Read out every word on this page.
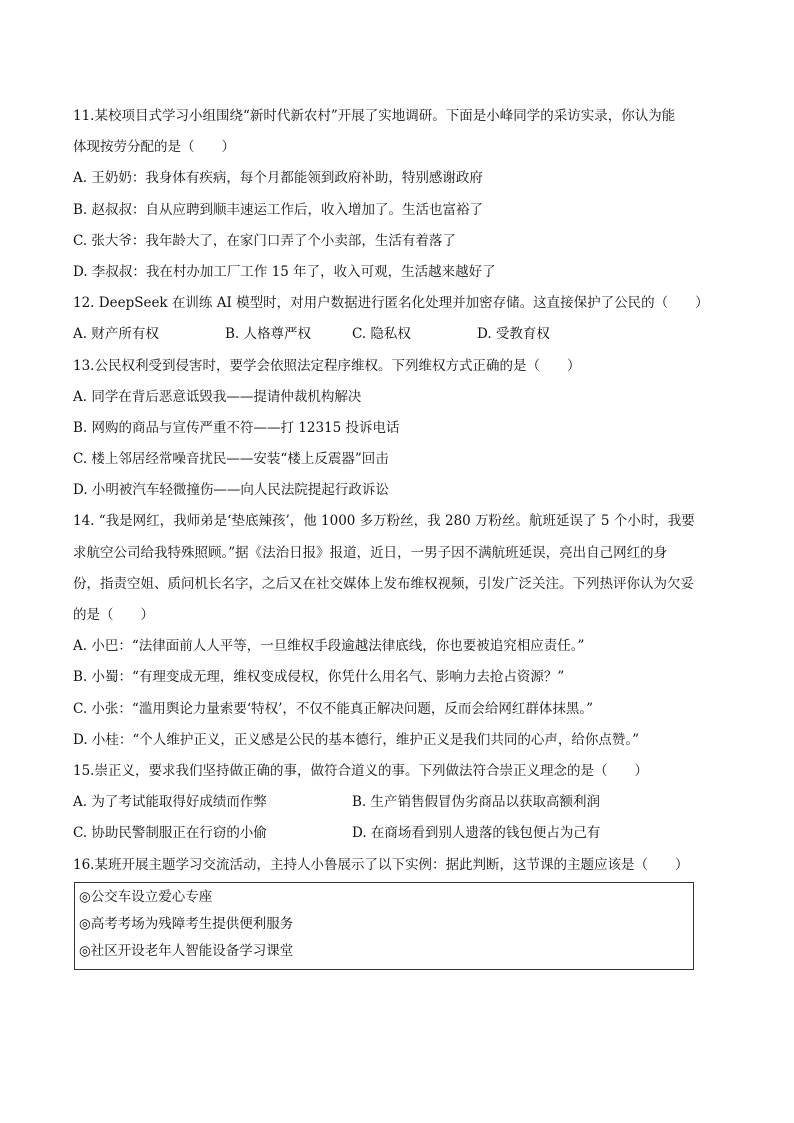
11.某校项目式学习小组围绕“新时代新农村”开展了实地调研。下面是小峰同学的采访实录，你认为能
体现按劳分配的是（　　）
A. 王奶奶：我身体有疾病，每个月都能领到政府补助，特别感谢政府
B. 赵叔叔：自从应聘到顺丰速运工作后，收入增加了。生活也富裕了
C. 张大爷：我年龄大了，在家门口弄了个小卖部，生活有着落了
D. 李叔叔：我在村办加工厂工作 15 年了，收入可观，生活越来越好了
12. DeepSeek 在训练 AI 模型时，对用户数据进行匿名化处理并加密存储。这直接保护了公民的（　　）
A. 财产所有权	B. 人格尊严权	C. 隐私权	D. 受教育权
13.公民权利受到侵害时，要学会依照法定程序维权。下列维权方式正确的是（　　）
A. 同学在背后恶意诋毁我——提请仲裁机构解决
B. 网购的商品与宣传严重不符——打 12315 投诉电话
C. 楼上邻居经常噪音扰民——安装“楼上反震器”回击
D. 小明被汽车轻微撞伤——向人民法院提起行政诉讼
14. “我是网红，我师弟是‘垫底辣孩’，他 1000 多万粉丝，我 280 万粉丝。航班延误了 5 个小时，我要
求航空公司给我特殊照顾。”据《法治日报》报道，近日，一男子因不满航班延误，亮出自己网红的身
份，指责空姐、质问机长名字，之后又在社交媒体上发布维权视频，引发广泛关注。下列热评你认为欠妥
的是（　　）
A. 小巴：“法律面前人人平等，一旦维权手段逾越法律底线，你也要被追究相应责任。”
B. 小蜀：“有理变成无理，维权变成侵权，你凭什么用名气、影响力去抢占资源？”
C. 小张：“滥用舆论力量索要‘特权’，不仅不能真正解决问题，反而会给网红群体抹黑。”
D. 小桂：“个人维护正义，正义感是公民的基本德行，维护正义是我们共同的心声，给你点赞。”
15.崇正义，要求我们坚持做正确的事，做符合道义的事。下列做法符合崇正义理念的是（　　）
A. 为了考试能取得好成绩而作弊	B. 生产销售假冒伪劣商品以获取高额利润
C. 协助民警制服正在行窃的小偷	D. 在商场看到别人遗落的钱包便占为己有
16.某班开展主题学习交流活动，主持人小鲁展示了以下实例：据此判断，这节课的主题应该是（　　）
◎公交车设立爱心专座
◎高考考场为残障考生提供便利服务
◎社区开设老年人智能设备学习课堂
